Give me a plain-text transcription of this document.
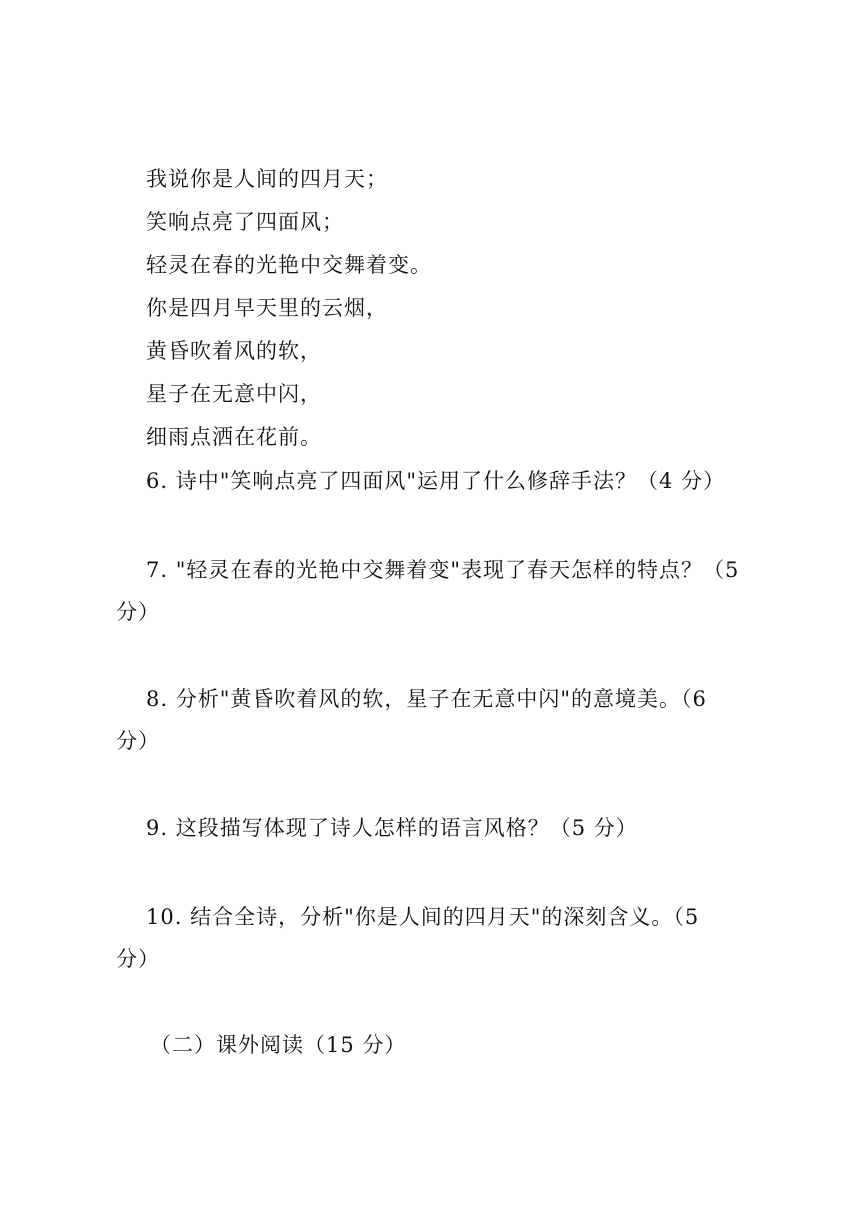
我说你是人间的四月天；
笑响点亮了四面风；
轻灵在春的光艳中交舞着变。
你是四月早天里的云烟，
黄昏吹着风的软，
星子在无意中闪，
细雨点洒在花前。
6. 诗中"笑响点亮了四面风"运用了什么修辞手法？（4 分）
7. "轻灵在春的光艳中交舞着变"表现了春天怎样的特点？（5
分）
8. 分析"黄昏吹着风的软，星子在无意中闪"的意境美。（6
分）
9. 这段描写体现了诗人怎样的语言风格？（5 分）
10. 结合全诗，分析"你是人间的四月天"的深刻含义。（5
分）
（二）课外阅读（15 分）
